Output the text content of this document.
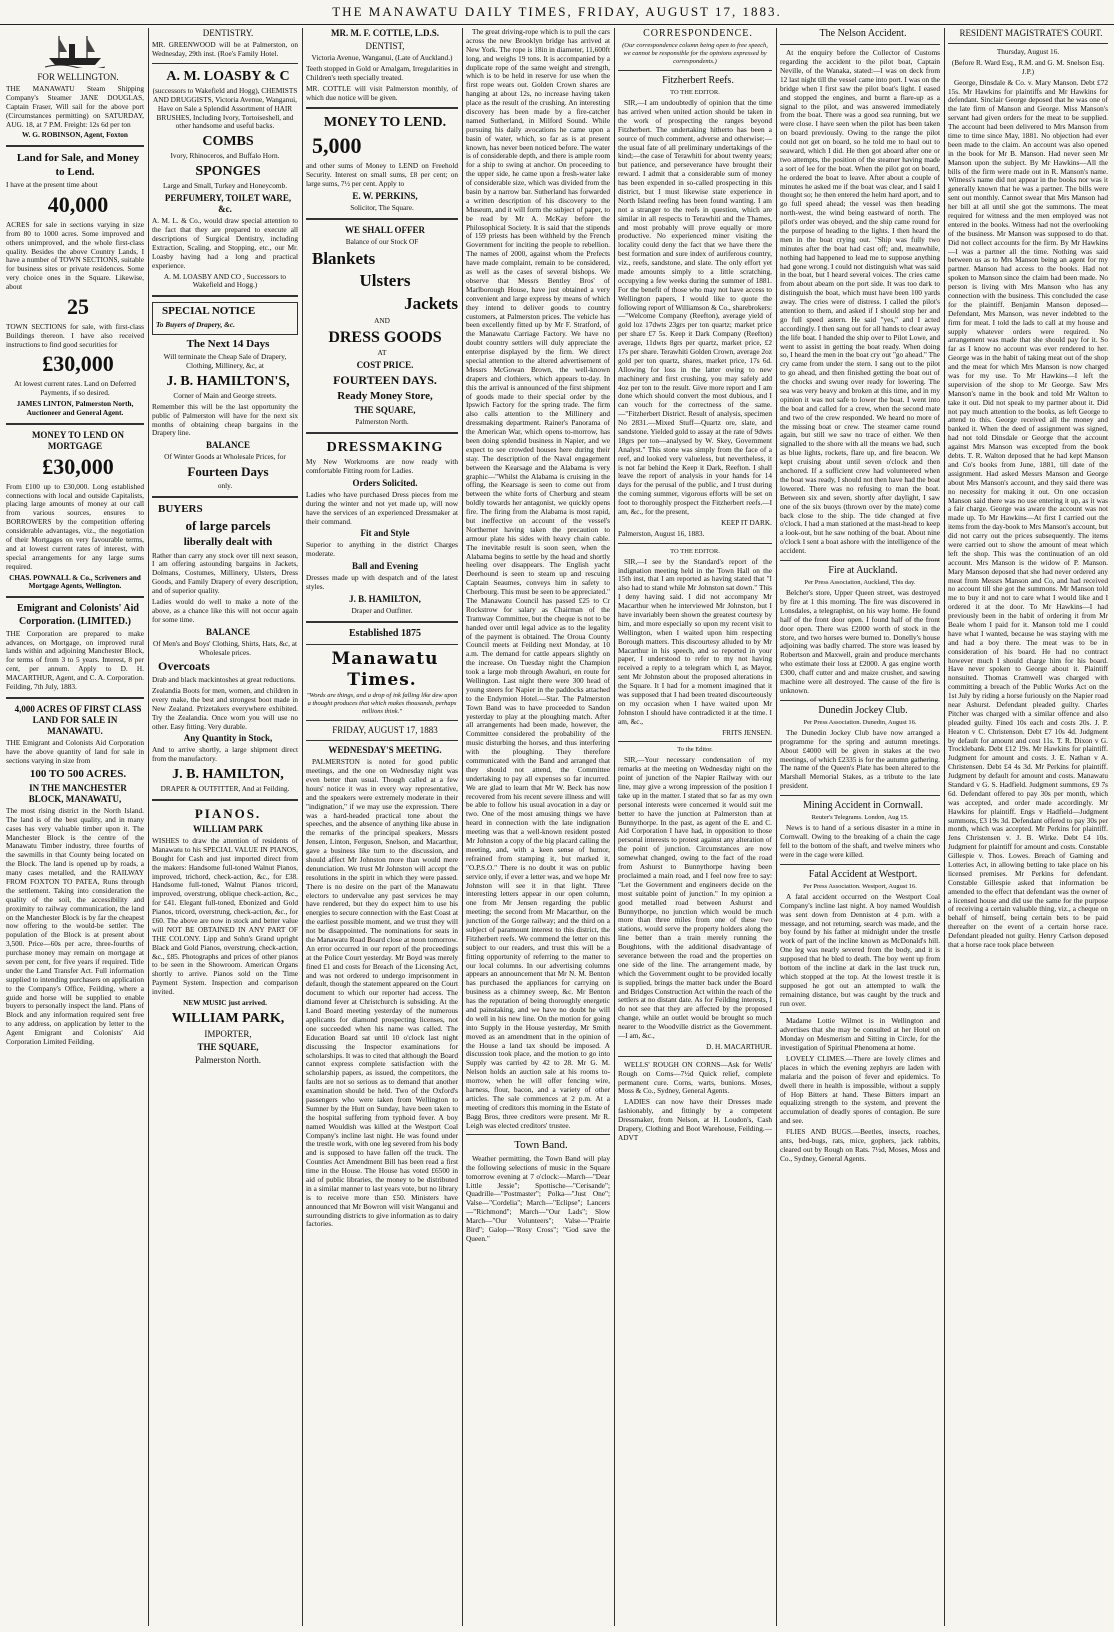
THE MANAWATU DAILY TIMES, FRIDAY, AUGUST 17, 1883.

FOR WELLINGTON.

THE MANAWATU Steam Shipping Company's Steamer JANE DOUGLAS, Captain Fraser, Will sail for the above port (Circumstances permitting) on SATURDAY, AUG. 18, at 7 P.M. Freight: 12s 6d per ton

W. G. ROBINSON, Agent, Foxton

Land for Sale, and Money to Lend.

I have at the present time about

40,000

ACRES for sale in sections varying in size from 80 to 1000 acres. Some improved and others unimproved, and the whole first-class quality. Besides the above Country Lands, I have a number of TOWN SECTIONS, suitable for business sites or private residences. Some very choice ones in the Square. Likewise, about

25

TOWN SECTIONS for sale, with first-class Buildings thereon. I have also received instructions to find good securities for

£30,000

At lowest current rates. Land on Deferred Payments, if so desired.

JAMES LINTON, Palmerston North, Auctioneer and General Agent.

MONEY TO LEND ON MORTGAGE

£30,000

From £100 up to £30,000. Long established connections with local and outside Capitalists, placing large amounts of money at our call from various sources, ensures to BORROWERS by the competition offering considerable advantages, viz., the negotiation of their Mortgages on very favourable terms, and at lowest current rates of interest, with special arrangements for any large sums required.

CHAS. POWNALL & Co., Scriveners and Mortgage Agents, Wellington.

Emigrant and Colonists' Aid Corporation. (LIMITED.)

THE Corporation are prepared to make advances, on Mortgage, on improved rural lands within and adjoining Manchester Block, for terms of from 3 to 5 years. Interest, 8 per cent, per annum. Apply to D. H. MACARTHUR, Agent, and C. A. Corporation. Feilding, 7th July, 1883.

4,000 ACRES OF FIRST CLASS LAND FOR SALE IN MANAWATU.

THE Emigrant and Colonists Aid Corporation have the above quantity of land for sale in sections varying in size from

100 TO 500 ACRES.

IN THE MANCHESTER BLOCK, MANAWATU,

The most rising district in the North Island. The land is of the best quality, and in many cases has very valuable timber upon it. The Manchester Block is the centre of the Manawatu Timber industry, three fourths of the sawmills in that County being located on the Block. The land is opened up by roads, a many cases metalled, and the RAILWAY FROM FOXTON TO PATEA, Runs through the settlement. Taking into consideration the quality of the soil, the accessibility and proximity to railway communication, the land on the Manchester Block is by far the cheapest now offering to the would-be settler. The population of the Block is at present about 3,500. Price—60s per acre, three-fourths of purchase money may remain on mortgage at seven per cent, for five years if required. Title under the Land Transfer Act. Full information supplied to intending purchasers on application to the Company's Office, Feilding, where a guide and horse will be supplied to enable buyers to personally inspect the land. Plans of Block and any information required sent free to any address, on application by letter to the Agent Emigrant and Colonists' Aid Corporation Limited Feilding.

DENTISTRY.

MR. GREENWOOD will be at Palmerston, on Wednesday, 29th inst. (Roe's Family Hotel.

A. M. LOASBY & C

(successors to Wakefield and Hogg), CHEMISTS AND DRUGGISTS, Victoria Avenue, Wanganui, Have on Sale a Splendid Assortment of HAIR BRUSHES, Including Ivory, Tortoiseshell, and other handsome and useful backs.

COMBS

Ivory, Rhinoceros, and Buffalo Horn.

SPONGES

Large and Small, Turkey and Honeycomb.

PERFUMERY, TOILET WARE, &c.

A. M. L. & Co., would draw special attention to the fact that they are prepared to execute all descriptions of Surgical Dentistry, including Extraction, Scaling, and Stopping, etc., our Mr. Loasby having had a long and practical experience.

A. M. LOASBY AND CO , Successors to Wakefield and Hogg.)

SPECIAL NOTICE

To Buyers of Drapery, &c.

The Next 14 Days

Will terminate the Cheap Sale of Drapery, Clothing, Millinery, &c, at

J. B. HAMILTON'S,

Corner of Main and George streets.

Remember this will be the last opportunity the public of Palmerston will have for the next six months of obtaining cheap bargains in the Drapery line.

BALANCE

Of Winter Goods at Wholesale Prices, for

Fourteen Days

only.

BUYERS

of large parcels

liberally dealt with

Rather than carry any stock over till next season, I am offering astounding bargains in Jackets, Dolmans, Costumes, Millinery, Ulsters, Dress Goods, and Family Drapery of every description, and of superior quality.

Ladies would do well to make a note of the above, as a chance like this will not occur again for some time.

BALANCE

Of Men's and Boys' Clothing, Shirts, Hats, &c, at Wholesale prices.

Overcoats

Drab and black mackintoshes at great reductions.

Zealandia Boots for men, women, and children in every make, the best and strongest boot made in New Zealand. Prizetakers everywhere exhibited. Try the Zealandia. Once worn you will use no other. Easy fitting. Very durable.

Any Quantity in Stock,

And to arrive shortly, a large shipment direct from the manufactory.

J. B. HAMILTON,

DRAPER & OUTFITTER, And at Feilding.

PIANOS.

WILLIAM PARK

WISHES to draw the attention of residents of Manawatu to his SPECIAL VALUE IN PIANOS, Bought for Cash and just imported direct from the makers: Handsome full-toned Walnut Pianos, improved, trichord, check-action, &c., for £38. Handsome full-toned, Walnut Pianos tricord, improved, overstrung, oblique check-action, &c., for £41. Elegant full-toned, Ebonized and Gold Pianos, tricord, overstrung, check-action, &c., for £60. The above are now in stock and better value will NOT BE OBTAINED IN ANY PART OF THE COLONY. Lipp and Sohn's Grand upright Black and Gold Pianos, overstrung, check-action, &c., £85. Photographs and prices of other pianos to be seen in the Showroom. American Organs shortly to arrive. Pianos sold on the Time Payment System. Inspection and comparison invited.

NEW MUSIC just arrived.

WILLIAM PARK,

IMPORTER,

THE SQUARE,

Palmerston North.

MR. M. F. COTTLE, L.D.S.

DENTIST,

Victoria Avenue, Wanganui, (Late of Auckland.)

Teeth stopped in Gold or Amalgam, Irregularities in Children's teeth specially treated.

MR. COTTLE will visit Palmerston monthly, of which due notice will be given.

MONEY TO LEND.

5,000

and other sums of Money to LEND on Freehold Security. Interest on small sums, £8 per cent; on large sums, 7½ per cent. Apply to

E. W. PERKINS,

Solicitor, The Square.

WE SHALL OFFER

Balance of our Stock OF

Blankets

Ulsters

Jackets

AND

DRESS GOODS

AT

COST PRICE.

FOURTEEN DAYS.

Ready Money Store,

THE SQUARE,

Palmerston North.

DRESSMAKING

My New Workrooms are now ready with comfortable Fitting room for Ladies.

Orders Solicited.

Ladies who have purchased Dress pieces from me during the winter and not yet made up, will now have the services of an experienced Dressmaker at their command.

Fit and Style

Superior to anything in the district Charges moderate.

Ball and Evening

Dresses made up with despatch and of the latest styles.

J. B. HAMILTON,

Draper and Outfitter.

Established 1875

Manawatu Times.

"Words are things, and a drop of ink falling like dew upon a thought produces that which makes thousands, perhaps millions think."

FRIDAY, AUGUST 17, 1883

WEDNESDAY'S MEETING.

PALMERSTON is noted for good public meetings, and the one on Wednesday night was even better than usual. Though called at a few hours' notice it was in every way representative, and the speakers were extremely moderate in their "indignation," if we may use the expression. There was a hard-headed practical tone about the speeches, and the absence of anything like abuse in the remarks of the principal speakers, Messrs Jensen, Linton, Ferguson, Snelson, and Macarthur, gave a business like turn to the discussion, and should affect Mr Johnston more than would mere denunciation. We trust Mr Johnston will accept the resolutions in the spirit in which they were passed. There is no desire on the part of the Manawatu electors to undervalue any past services he may have rendered, but they do expect him to use his energies to secure connection with the East Coast at the earliest possible moment, and we trust they will not be disappointed. The nominations for seats in the Manawatu Road Board close at noon tomorrow. An error occurred in our report of the proceedings at the Police Court yesterday. Mr Boyd was merely fined £1 and costs for Breach of the Licensing Act, and was not ordered to undergo imprisonment in default, though the statement appeared on the Court document to which our reporter had access. The diamond fever at Christchurch is subsiding. At the Land Board meeting yesterday of the numerous applicants for diamond prospecting licenses, not one succeeded when his name was called. The Education Board sat until 10 o'clock last night discussing the Inspector examinations for scholarships. It was to cited that although the Board cannot express complete satisfaction with the scholarship papers, as issued, the competitors, the faults are not so serious as to demand that another examination should be held. Two of the Oxford's passengers who were taken from Wellington to Sumner by the Hutt on Sunday, have been taken to the hospital suffering from typhoid fever. A boy named Wouldish was killed at the Westport Coal Company's incline last night. He was found under the trestle work, with one leg severed from his body and is supposed to have fallen off the truck. The Counties Act Amendment Bill has been read a first time in the House. The House has voted £6500 in aid of public libraries, the money to be distributed in a similar manner to last years vote, but no library is to receive more than £50. Ministers have announced that Mr Bowron will visit Wanganui and surrounding districts to give information as to dairy factories.

The great driving-rope which is to pull the cars across the new Brooklyn bridge has arrived at New York. The rope is 18in in diameter, 11,600ft long, and weighs 19 tons. It is accompanied by a duplicate rope of the same weight and strength, which is to be held in reserve for use when the first rope wears out. Golden Crown shares are hanging at about 12s, no increase having taken place as the result of the crushing. An interesting discovery has been made by a fire-catcher named Sutherland, in Milford Sound. While pursuing his daily avocations he came upon a basin of water, which, so far as is at present known, has never been noticed before. The water is of considerable depth, and there is ample room for a ship to swing at anchor. On proceeding to the upper side, he came upon a fresh-water lake of considerable size, which was divided from the basin by a narrow bar. Sutherland has forwarded a written description of his discovery to the Museum, and it will form the subject of paper, to be read by Mr A. McKay before the Philosophical Society. It is said that the stipends of 159 priests has been withheld by the French Government for inciting the people to rebellion. The names of 2000, against whom the Prefects have made complaint, remain to be considered, as well as the cases of several bishops. We observe that Messrs Bentley Bros' of Marlborough House, have just obtained a very convenient and large express by means of which they intend to deliver goods to country customers, at Palmerston prices. The vehicle has been excellently fitted up by Mr F. Stratford, of the Manawatu Carriage Factory. We have no doubt country settlers will duly appreciate the enterprise displayed by the firm. We direct special attention to the altered advertisement of Messrs McGowan Brown, the well-known drapers and clothiers, which appears to-day. In this the arrival is announced of the first shipment of goods made to their special order by the Ipswich Factory for the spring trade. The firm also calls attention to the Millinery and dressmaking department. Rainer's Panorama of the American War, which opens to-morrow, has been doing splendid business in Napier, and we expect to see crowded houses here during their stay. The description of the Naval engagement between the Kearsage and the Alabama is very graphic—"Whilst the Alabama is cruising in the offing, the Kearsage is seen to come out from between the white forts of Cherburg and steam boldly towards her antagonist, we quickly opens fire. The firing from the Alabama is most rapid, but ineffective on account of the vessel's Northerner having taken the precaution to armour plate his sides with heavy chain cable. The inevitable result is soon seen, when the Alabama begins to settle by the head and shortly heeling over disappears. The English yacht Deerhound is seen to steam up and rescuing Captain Seaumes, conveys him in safety to Cherbourg. This must be seen to be appreciated." The Manawatu Council has passed £25 to Cr Rockstrow for salary as Chairman of the Tramway Committee, but the cheque is not to be handed over until legal advice as to the legality of the payment is obtained. The Oroua County Council meets at Feilding next Monday, at 10 a.m. The demand for cattle appears slightly on the increase. On Tuesday night the Champion took a large mob through Awahuri, en route for Wellington. Last night there were 300 head of young steers for Napier in the paddocks attached to the Endymion Hotel.—Star. The Palmerston Town Band was to have proceeded to Sandon yesterday to play at the ploughing match. After all arrangements had been made, however, the Committee considered the probability of the music disturbing the horses, and thus interfering with the ploughing. They therefore communicated with the Band and arranged that they should not attend, the Committee undertaking to pay all expenses so far incurred. We are glad to learn that Mr W. Beck has now recovered from his recent severe illness and will be able to follow his usual avocation in a day or two. One of the most amusing things we have heard in connection with the late indignation meeting was that a well-known resident posted Mr Johnston a copy of the big placard calling the meeting, and, with a keen sense of humor, refrained from stamping it, but marked it, "O.P.S.O." There is no doubt it was on public service only, if ever a letter was, and we hope Mr Johnston will see it in that light. Three interesting letters appear in our open column, one from Mr Jensen regarding the public meeting; the second from Mr Macarthur, on the junction of the Gorge railway; and the third on a subject of paramount interest to this district, the Fitzherbert reefs. We commend the letter on this subject to our readers, and trust this will be a fitting opportunity of referring to the matter to our local columns. In our advertising columns appears an announcement that Mr N. M. Benton has purchased the appliances for carrying on business as a chimney sweep, &c. Mr Benton has the reputation of being thoroughly energetic and painstaking, and we have no doubt he will do well in his new line. On the motion for going into Supply in the House yesterday, Mr Smith moved as an amendment that in the opinion of the House a land tax should be imposed. A discussion took place, and the motion to go into Supply was carried by 42 to 28. Mr G. M. Nelson holds an auction sale at his rooms to-morrow, when he will offer fencing wire, harness, flour, bacon, and a variety of other articles. The sale commences at 2 p.m. At a meeting of creditors this morning in the Estate of Bagg Bros, three creditors were present. Mr R. Leigh was elected creditors' trustee.

Town Band.

Weather permitting, the Town Band will play the following selections of music in the Square tomorrow evening at 7 o'clock:—March—"Dear Little Jessie"; Spottische—"Cerisande"; Quadrille—"Postmaster"; Polka—"Just One"; Valse—"Cordelia"; March—"Eclipse"; Lancers—"Richmond"; March—"Our Lads"; Slow March—"Our Volunteers"; Valse—"Prairie Bird"; Galop—"Rosy Cross"; "God save the Queen."

CORRESPONDENCE.

(Our correspondence column being open to free speech, we cannot be responsible for the opinions expressed by correspondents.)

Fitzherbert Reefs.

TO THE EDITOR.

SIR,—I am undoubtedly of opinion that the time has arrived when united action should be taken in the work of prospecting the ranges beyond Fitzherbert. The undertaking hitherto has been a source of much comment, adverse and otherwise;—the usual fate of all preliminary undertakings of the kind;—the case of Terawhiti for about twenty years; but patience, and perseverance have brought their reward. I admit that a considerable sum of money has been expended in so-called prospecting in this district, but I must likewise state experience in North Island reefing has been found wanting. I am not a stranger to the reefs in question, which are similar in all respects to Terawhiti and the Thames, and most probably will prove equally or more productive. No experienced miner visiting the locality could deny the fact that we have there the best formation and sure index of auriferous country, viz., reefs, sandstone, and slate. The only effort yet made amounts simply to a little scratching, occupying a few weeks during the summer of 1881. For the benefit of those who may not have access to Wellington papers, I would like to quote the following report of Williamson & Co., sharebrokers:—"Welcome Company (Reefton), average yield of gold loz 17dwts 23grs per ton quartz; market price per share £7 5s. Keep it Dark Company (Reefton) average, 11dwts 8grs per quartz, market price, £2 17s per share. Terawhiti Golden Crown, average 2oz gold per ton quartz, shares, market price, 17s 6d. Allowing for loss in the latter owing to new machinery and first crushing, you may safely add 4oz per ton to the result. Give more report and I am done which should convert the most dubious, and I can vouch for the correctness of the same.—"Fitzherbert District. Result of analysis, specimen No 2831.—Mixed Stuff—Quartz ore, slate, and sandstone. Yielded gold to assay at the rate of 9dwts 18grs per ton—analysed by W. Skey, Government Analyst." This stone was simply from the face of a reef, and looked very valueless, but nevertheless, it is not far behind the Keep it Dark, Reefton. I shall leave the report of analysis in your hands for 14 days for the perusal of the public, and I trust during the coming summer, vigorous efforts will be set on foot to thoroughly prospect the Fitzherbert reefs.—I am, &c., for the present,

KEEP IT DARK.

Palmerston, August 16, 1883.

TO THE EDITOR.

SIR,—I see by the Standard's report of the indignation meeting held in the Town Hall on the 15th inst, that I am reported as having stated that "I also had to stand while Mr Johnston sat down." This I deny having said. I did not accompany Mr Macarthur when he interviewed Mr Johnston, but I have invariably been shown the greatest courtesy by him, and more especially so upon my recent visit to Wellington, when I waited upon him respecting Borough matters. This discourtesy alluded to by Mr Macarthur in his speech, and so reported in your paper, I understood to refer to my not having received a reply to a telegram which I, as Mayor, sent Mr Johnston about the proposed alterations in the Square. It I had for a moment imagined that it was supposed that I had been treated discourteously on my occasion when I have waited upon Mr Johnston I should have contradicted it at the time. I am, &c.,

FRITS JENSEN.

To the Editor.

SIR,—Your necessary condensation of my remarks at the meeting on Wednesday night on the point of junction of the Napier Railway with our line, may give a wrong impression of the position I take up in the matter. I stated that so far as my own personal interests were concerned it would suit me better to have the junction at Palmerston than at Bunnythorpe. In the past, as agent of the E. and C. Aid Corporation I have had, in opposition to those personal interests to protest against any alteration of the point of junction. Circumstances are now somewhat changed, owing to the fact of the road from Ashurst to Bunnythorpe having been proclaimed a main road, and I feel now free to say: "Let the Government and engineers decide on the most suitable point of junction." In my opinion a good metalled road between Ashurst and Bunnythorpe, no junction which would be much more than three miles from one of these two stations, would serve the property holders along the line better than a train merely running the Boughtons, with the additional disadvantage of severance between the road and the properties on one side of the line. The arrangement made, by which the Government ought to be provided locally is supplied, brings the matter back under the Board and Bridges Construction Act within the reach of the settlers at no distant date. As for Feilding interests, I do not see that they are affected by the proposed change, while an outlet would be brought so much nearer to the Woodville district as the Government.—I am, &c.,

D. H. MACARTHUR.

WELLS' ROUGH ON CORNS—Ask for Wells' Rough on Corns—7½d Quick relief, complete permanent cure. Corns, warts, bunions. Moses, Moss & Co., Sydney, General Agents.

LADIES can now have their Dresses made fashionably, and fittingly by a competent Dressmaker, from Nelson, at H. Loudon's, Cash Drapery, Clothing and Boot Warehouse, Feilding.—ADVT

The Nelson Accident.

At the enquiry before the Collector of Customs regarding the accident to the pilot boat, Captain Neville, of the Wanaka, stated:—I was on deck from 12 last night till the vessel came into port. I was on the bridge when I first saw the pilot boat's light. I eased and stopped the engines, and burnt a flare-up as a signal to the pilot, and was answered immediately from the boat. There was a good sea running, but we were close. I have seen when the pilot has been taken on board previously. Owing to the range the pilot could not get on board, so he told me to haul out to seaward, which I did. He then got aboard after one or two attempts, the position of the steamer having made a sort of lee for the boat. When the pilot got on board, he ordered the boat to leave. After about a couple of minutes he asked me if the boat was clear, and I said I thought so; he then entered the helm hard aport, and to go full speed ahead; the vessel was then heading north-west, the wind being eastward of north. The pilot's order was obeyed, and the ship came round for the purpose of heading to the lights. I then heard the men in the boat crying out. "Ship was fully two minutes after the boat had cast off; and, meanwhile, nothing had happened to lead me to suppose anything had gone wrong. I could not distinguish what was said in the boat, but I heard several voices. The cries came from about abeam on the port side. It was too dark to distinguish the boat, which must have been 100 yards away. The cries were of distress. I called the pilot's attention to them, and asked if I should stop her and go full speed astern. He said "yes," and I acted accordingly. I then sang out for all hands to clear away the life boat. I handed the ship over to Pilot Lowe, and went to assist in getting the boat ready. When doing so, I heard the men in the boat cry out "go ahead." The cry came from under the stern. I sang out to the pilot to go ahead, and then finished getting the boat out of the chocks and swung over ready for lowering. The sea was very heavy and broken at this time, and in my opinion it was not safe to lower the boat. I went into the boat and called for a crew, when the second mate and two of the crew responded. We heard no more of the missing boat or crew. The steamer came round again, but still we saw no trace of either. We then signalled to the shore with all the means we had, such as blue lights, rockets, flare up, and fire beacon. We kept cruising about until seven o'clock and then anchored. If a sufficient crew had volunteered when the boat was ready, I should not then have had the boat lowered. There was no refusing to man the boat. Between six and seven, shortly after daylight, I saw one of the six buoys (thrown over by the mate) come back close to the ship. The tide changed at five o'clock. I had a man stationed at the mast-head to keep a look-out, but he saw nothing of the boat. About nine o'clock I sent a boat ashore with the intelligence of the accident.

Fire at Auckland.

Per Press Association, Auckland, This day.

Belcher's store, Upper Queen street, was destroyed by fire at 1 this morning. The fire was discovered in Lonsdales, a telegraphist, on his way home. He found half of the front door open. I found half of the front door open. There was £2000 worth of stock in the store, and two horses were burned to. Donelly's house adjoining was badly charred. The store was leased by Robertson and Maxwell, grain and produce merchants who estimate their loss at £2000. A gas engine worth £300, chaff cutter and and maize crusher, and sawing machine were all destroyed. The cause of the fire is unknown.

Dunedin Jockey Club.

Per Press Association. Dunedin, August 16.

The Dunedin Jockey Club have now arranged a programme for the spring and autumn meetings. About £4000 will be given in stakes at the two meetings, of which £2335 is for the autumn gathering. The name of the Queen's Plate has been altered to the Marshall Memorial Stakes, as a tribute to the late president.

Mining Accident in Cornwall.

Reuter's Telegrams. London, Aug 15.

News is to hand of a serious disaster in a mine in Cornwall. Owing to the breaking of a chain the cage fell to the bottom of the shaft, and twelve miners who were in the cage were killed.

Fatal Accident at Westport.

Per Press Association. Westport, August 16.

A fatal accident occurred on the Westport Coal Company's incline last night. A boy named Wouldish was sent down from Denniston at 4 p.m. with a message, and not returning, search was made, and the boy found by his father at midnight under the trestle work of part of the incline known as McDonald's hill. One leg was nearly severed from the body, and it is supposed that he bled to death. The boy went up from bottom of the incline at dark in the last truck run, which stopped at the top. At the lowest trestle it is supposed he got out an attempted to walk the remaining distance, but was caught by the truck and run over.

Madame Lottie Wilmot is in Wellington and advertises that she may be consulted at her Hotel on Monday on Mesmerism and Sitting in Circle, for the investigation of Spiritual Phenomena at home.

LOVELY CLIMES.—There are lovely climes and places in which the evening zephyrs are laden with malaria and the poison of fever and epidemics. To dwell there in health is impossible, without a supply of Hop Bitters at hand. These Bitters impart an equalizing strength to the system, and prevent the accumulation of deadly spores of contagion. Be sure and see.

FLIES AND BUGS.—Beetles, insects, roaches, ants, bed-bugs, rats, mice, gophers, jack rabbits, cleared out by Rough on Rats. 7½d, Moses, Moss and Co., Sydney, General Agents.

RESIDENT MAGISTRATE'S COURT.

Thursday, August 16.

(Before R. Ward Esq., R.M. and G. M. Snelson Esq. J.P.)

George, Dinsdale & Co. v. Mary Manson. Debt £72 15s. Mr Hawkins for plaintiffs and Mr Hawkins for defendant. Sinclair George deposed that he was one of the late firm of Manson and George. Miss Manson's servant had given orders for the meat to be supplied. The account had been delivered to Mrs Manson from time to time since May, 1881. No objection had ever been made to the claim. An account was also opened in the book for Mr B. Manson. Had never seen Mr Manson upon the subject. By Mr Hawkins—All the bills of the firm were made out in R. Manson's name. Witness's name did not appear in the books nor was it generally known that he was a partner. The bills were sent out monthly. Cannot swear that Mrs Manson had her bill at all until she got the summons. The meat required for witness and the men employed was not entered in the books. Witness had not the overlooking of the business. Mr Manson was supposed to do that. Did not collect accounts for the firm. By Mr Hawkins—I was a partner all the time. Nothing was said between us as to Mrs Manson being an agent for my partner. Manson had access to the books. Had not spoken to Manson since the claim had been made. No person is living with Mrs Manson who has any connection with the business. This concluded the case for the plaintiff. Benjamin Manson deposed—Defendant, Mrs Manson, was never indebted to the firm for meat. I told the lads to call at my house and supply whatever orders were required. No arrangement was made that she should pay for it. So far as I know no account was ever rendered to her. George was in the habit of taking meat out of the shop and the meat for which Mrs Manson is now charged was for my use. To Mr Hawkins—I left the supervision of the shop to Mr George. Saw Mrs Manson's name in the book and told Mr Walton to take it out. Did not speak to my partner about it. Did not pay much attention to the books, as left George to attend to this. George received all the money and banked it. When the deed of assignment was signed, had not told Dinsdale or George that the account against Mrs Manson was excepted from the book debts. T. R. Walton deposed that he had kept Manson and Co's books from June, 1881, till date of the assignment. Had asked Messrs Manson and George about Mrs Manson's account, and they said there was no necessity for making it out. On one occasion Manson said there was no use entering it up, as it was a fair charge. George was aware the account was not made up. To Mr Hawkins—At first I carried out the items from the day-book to Mrs Manson's account, but did not carry out the prices subsequently. The items were carried out to show the amount of meat which left the shop. This was the continuation of an old account. Mrs Manson is the widow of P. Manson. Mary Manson deposed that she had never ordered any meat from Messrs Manson and Co, and had received no account till she got the summons. Mr Manson told me to buy it and not to care what I would like and I ordered it at the door. To Mr Hawkins—I had previously been in the habit of ordering it from Mr Beale whom I paid for it. Manson told me I could have what I wanted, because he was staying with me and had a boy there. The meat was to be in consideration of his board. He had no contract however much I should charge him for his board. Have never spoken to George about it. Plaintiff nonsuited. Thomas Cramwell was charged with committing a breach of the Public Works Act on the 1st July by riding a horse furiously on the Napier road near Ashurst. Defendant pleaded guilty. Charles Pitcher was charged with a similar offence and also pleaded guilty. Fined 10s each and costs 20s. J. P. Heaton v C. Christenson. Debt £7 10s 4d. Judgment by default for amount and cost 11s. T. R. Dixon v G. Trocklebank. Debt £12 19s. Mr Hawkins for plaintiff. Judgment for amount and costs. J. E. Nathan v A. Christensen. Debt £4 4s 3d. Mr Perkins for plaintiff. Judgment by default for amount and costs. Manawatu Standard v G. S. Hadfield. Judgment summons, £9 7s 6d. Defendant offered to pay 30s per month, which was accepted, and order made accordingly. Mr Hawkins for plaintiff. Engs v Hadfield—Judgment summons, £3 19s 3d. Defendant offered to pay 30s per month, which was accepted. Mr Perkins for plaintiff. Jens Christensen v. J. B. Wirke. Debt £4 10s. Judgment for plaintiff for amount and costs. Constable Gillespie v. Thos. Lowes. Breach of Gaming and Lotteries Act, in allowing betting to take place on his licensed premises. Mr Perkins for defendant. Constable Gillespie asked that information be amended to the effect that defendant was the owner of a licensed house and did use the same for the purpose of receiving a certain valuable thing, viz., a cheque on behalf of himself, being certain bets to be paid thereafter on the event of a certain horse race. Defendant pleaded not guilty. Henry Carlson deposed that a horse race took place between
